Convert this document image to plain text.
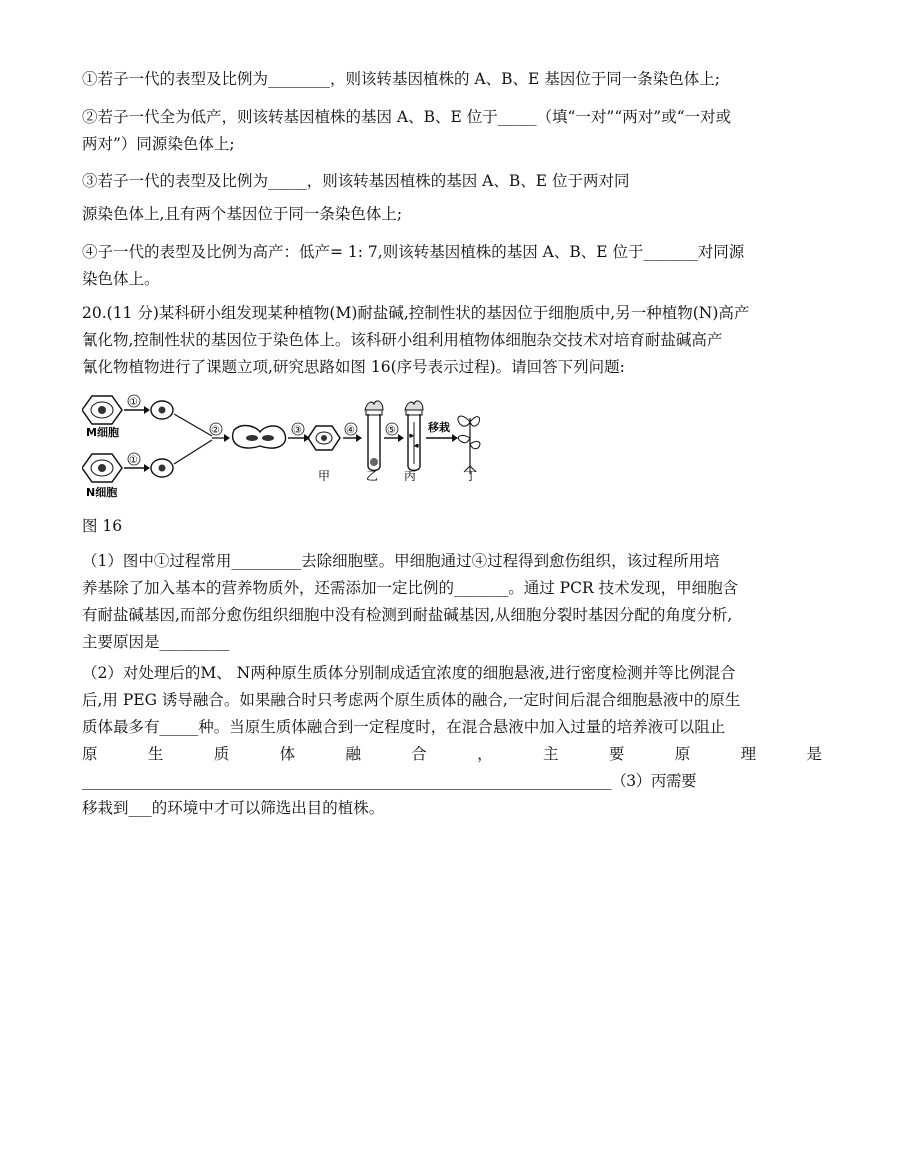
①若子一代的表型及比例为________，则该转基因植株的 A、B、E 基因位于同一条染色体上;

②若子一代全为低产，则该转基因植株的基因 A、B、E 位于_____（填“一对”“两对”或“一对或
两对”）同源染色体上;

③若子一代的表型及比例为_____，则该转基因植株的基因 A、B、E 位于两对同

源染色体上,且有两个基因位于同一条染色体上;

④子一代的表型及比例为高产：低产= 1: 7,则该转基因植株的基因 A、B、E 位于_______对同源
染色体上。

20.(11 分)某科研小组发现某种植物(M)耐盐碱,控制性状的基因位于细胞质中,另一种植物(N)高产
氰化物,控制性状的基因位于染色体上。该科研小组利用植物体细胞杂交技术对培育耐盐碱高产
氰化物植物进行了课题立项,研究思路如图 16(序号表示过程)。请回答下列问题:

M细胞
①
N细胞
①
②	③
甲
④
乙
⑤
丙
移栽
丁
图 16

（1）图中①过程常用_________去除细胞壁。甲细胞通过④过程得到愈伤组织，该过程所用培
养基除了加入基本的营养物质外，还需添加一定比例的_______。通过 PCR 技术发现，甲细胞含
有耐盐碱基因,而部分愈伤组织细胞中没有检测到耐盐碱基因,从细胞分裂时基因分配的角度分析,
主要原因是_________

（2）对处理后的M、 N两种原生质体分别制成适宜浓度的细胞悬液,进行密度检测并等比例混合
后,用 PEG 诱导融合。如果融合时只考虑两个原生质体的融合,一定时间后混合细胞悬液中的原生
质体最多有_____种。当原生质体融合到一定程度时，在混合悬液中加入过量的培养液可以阻止
原	生	质	体	融	合	，	主	要	原	理	是
________________________________________________________________________（3）丙需要
移栽到___的环境中才可以筛选出目的植株。
